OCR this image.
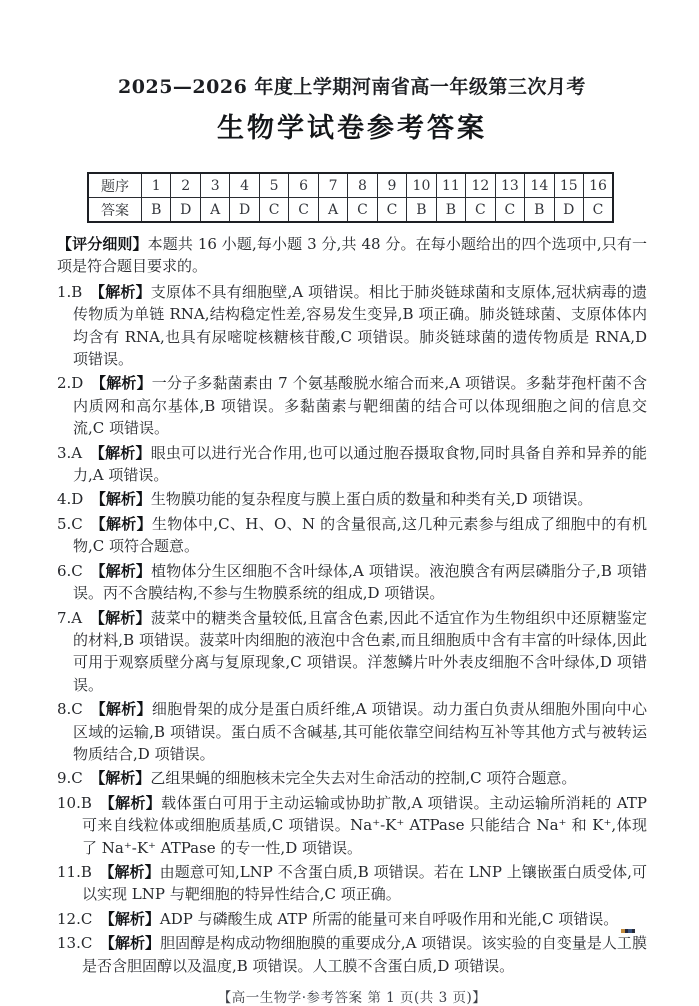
2025—2026 年度上学期河南省高一年级第三次月考

生物学试卷参考答案

题序	1	2	3	4	5	6	7	8	9	10	11	12	13	14	15	16
答案	B	D	A	D	C	C	A	C	C	B	B	C	C	B	D	C

【评分细则】本题共 16 小题,每小题 3 分,共 48 分。在每小题给出的四个选项中,只有一项是符合题目要求的。

1.B 【解析】支原体不具有细胞壁,A 项错误。相比于肺炎链球菌和支原体,冠状病毒的遗传物质为单链 RNA,结构稳定性差,容易发生变异,B 项正确。肺炎链球菌、支原体体内均含有 RNA,也具有尿嘧啶核糖核苷酸,C 项错误。肺炎链球菌的遗传物质是 RNA,D 项错误。

2.D 【解析】一分子多黏菌素由 7 个氨基酸脱水缩合而来,A 项错误。多黏芽孢杆菌不含内质网和高尔基体,B 项错误。多黏菌素与靶细菌的结合可以体现细胞之间的信息交流,C 项错误。

3.A 【解析】眼虫可以进行光合作用,也可以通过胞吞摄取食物,同时具备自养和异养的能力,A 项错误。

4.D 【解析】生物膜功能的复杂程度与膜上蛋白质的数量和种类有关,D 项错误。

5.C 【解析】生物体中,C、H、O、N 的含量很高,这几种元素参与组成了细胞中的有机物,C 项符合题意。

6.C 【解析】植物体分生区细胞不含叶绿体,A 项错误。液泡膜含有两层磷脂分子,B 项错误。丙不含膜结构,不参与生物膜系统的组成,D 项错误。

7.A 【解析】菠菜中的糖类含量较低,且富含色素,因此不适宜作为生物组织中还原糖鉴定的材料,B 项错误。菠菜叶肉细胞的液泡中含色素,而且细胞质中含有丰富的叶绿体,因此可用于观察质壁分离与复原现象,C 项错误。洋葱鳞片叶外表皮细胞不含叶绿体,D 项错误。

8.C 【解析】细胞骨架的成分是蛋白质纤维,A 项错误。动力蛋白负责从细胞外围向中心区域的运输,B 项错误。蛋白质不含碱基,其可能依靠空间结构互补等其他方式与被转运物质结合,D 项错误。

9.C 【解析】乙组果蝇的细胞核未完全失去对生命活动的控制,C 项符合题意。

10.B 【解析】载体蛋白可用于主动运输或协助扩散,A 项错误。主动运输所消耗的 ATP 可来自线粒体或细胞质基质,C 项错误。Na⁺-K⁺ ATPase 只能结合 Na⁺ 和 K⁺,体现了 Na⁺-K⁺ ATPase 的专一性,D 项错误。

11.B 【解析】由题意可知,LNP 不含蛋白质,B 项错误。若在 LNP 上镶嵌蛋白质受体,可以实现 LNP 与靶细胞的特异性结合,C 项正确。

12.C 【解析】ADP 与磷酸生成 ATP 所需的能量可来自呼吸作用和光能,C 项错误。

13.C 【解析】胆固醇是构成动物细胞膜的重要成分,A 项错误。该实验的自变量是人工膜是否含胆固醇以及温度,B 项错误。人工膜不含蛋白质,D 项错误。

【高一生物学·参考答案 第 1 页(共 3 页)】
